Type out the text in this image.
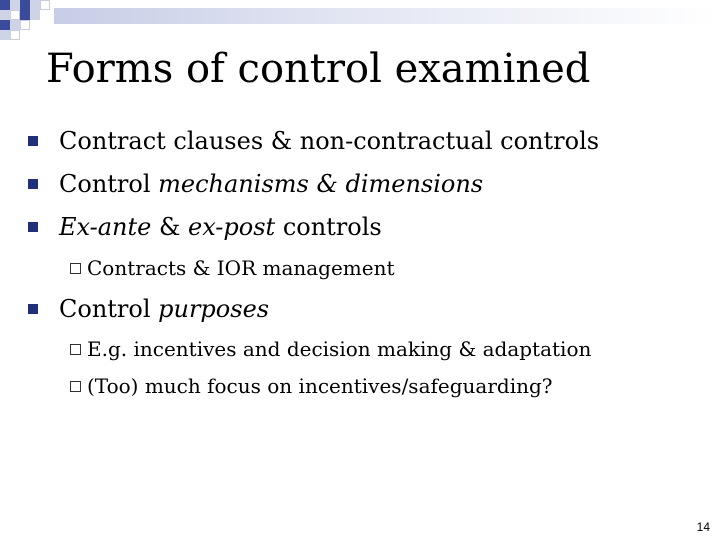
Forms of control examined
Contract clauses & non-contractual controls
Control mechanisms & dimensions
Ex-ante & ex-post controls
Contracts & IOR management
Control purposes
E.g. incentives and decision making & adaptation
(Too) much focus on incentives/safeguarding?
14
